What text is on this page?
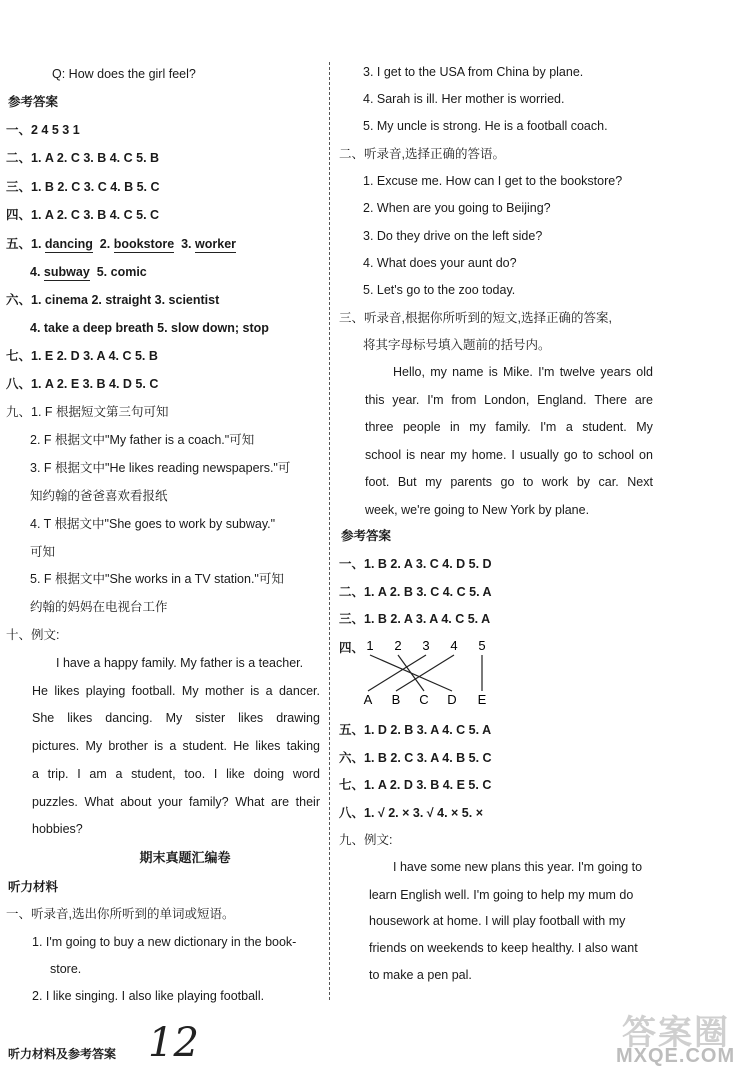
Q: How does the girl feel?
参考答案
一、2 4 5 3 1
二、1. A 2. C 3. B 4. C 5. B
三、1. B 2. C 3. C 4. B 5. C
四、1. A 2. C 3. B 4. C 5. C
五、1. dancing 2. bookstore 3. worker
4. subway 5. comic
六、1. cinema 2. straight 3. scientist
4. take a deep breath 5. slow down; stop
七、1. E 2. D 3. A 4. C 5. B
八、1. A 2. E 3. B 4. D 5. C
九、1. F 根据短文第三句可知
2. F 根据文中"My father is a coach."可知
3. F 根据文中"He likes reading newspapers."可
知约翰的爸爸喜欢看报纸
4. T 根据文中"She goes to work by subway."
可知
5. F 根据文中"She works in a TV station."可知
约翰的妈妈在电视台工作
十、例文:
I have a happy family. My father is a teacher.
He likes playing football. My mother is a dancer.
She likes dancing. My sister likes drawing
pictures. My brother is a student. He likes taking
a trip. I am a student, too. I like doing word
puzzles. What about your family? What are their
hobbies?
期末真题汇编卷
听力材料
一、听录音,选出你所听到的单词或短语。
1. I'm going to buy a new dictionary in the book-
store.
2. I like singing. I also like playing football.
3. I get to the USA from China by plane.
4. Sarah is ill. Her mother is worried.
5. My uncle is strong. He is a football coach.
二、听录音,选择正确的答语。
1. Excuse me. How can I get to the bookstore?
2. When are you going to Beijing?
3. Do they drive on the left side?
4. What does your aunt do?
5. Let's go to the zoo today.
三、听录音,根据你所听到的短文,选择正确的答案,
将其字母标号填入题前的括号内。
Hello, my name is Mike. I'm twelve years old
this year. I'm from London, England. There are
three people in my family. I'm a student. My
school is near my home. I usually go to school on
foot. But my parents go to work by car. Next
week, we're going to New York by plane.
参考答案
一、1. B 2. A 3. C 4. D 5. D
二、1. A 2. B 3. C 4. C 5. A
三、1. B 2. A 3. A 4. C 5. A
四、
五、1. D 2. B 3. A 4. C 5. A
六、1. B 2. C 3. A 4. B 5. C
七、1. A 2. D 3. B 4. E 5. C
八、1. √ 2. × 3. √ 4. × 5. ×
九、例文:
I have some new plans this year. I'm going to
learn English well. I'm going to help my mum do
housework at home. I will play football with my
friends on weekends to keep healthy. I also want
to make a pen pal.
1 2 3 4 5
A B C D E
听力材料及参考答案 12	答案圈
MXQE.COM
